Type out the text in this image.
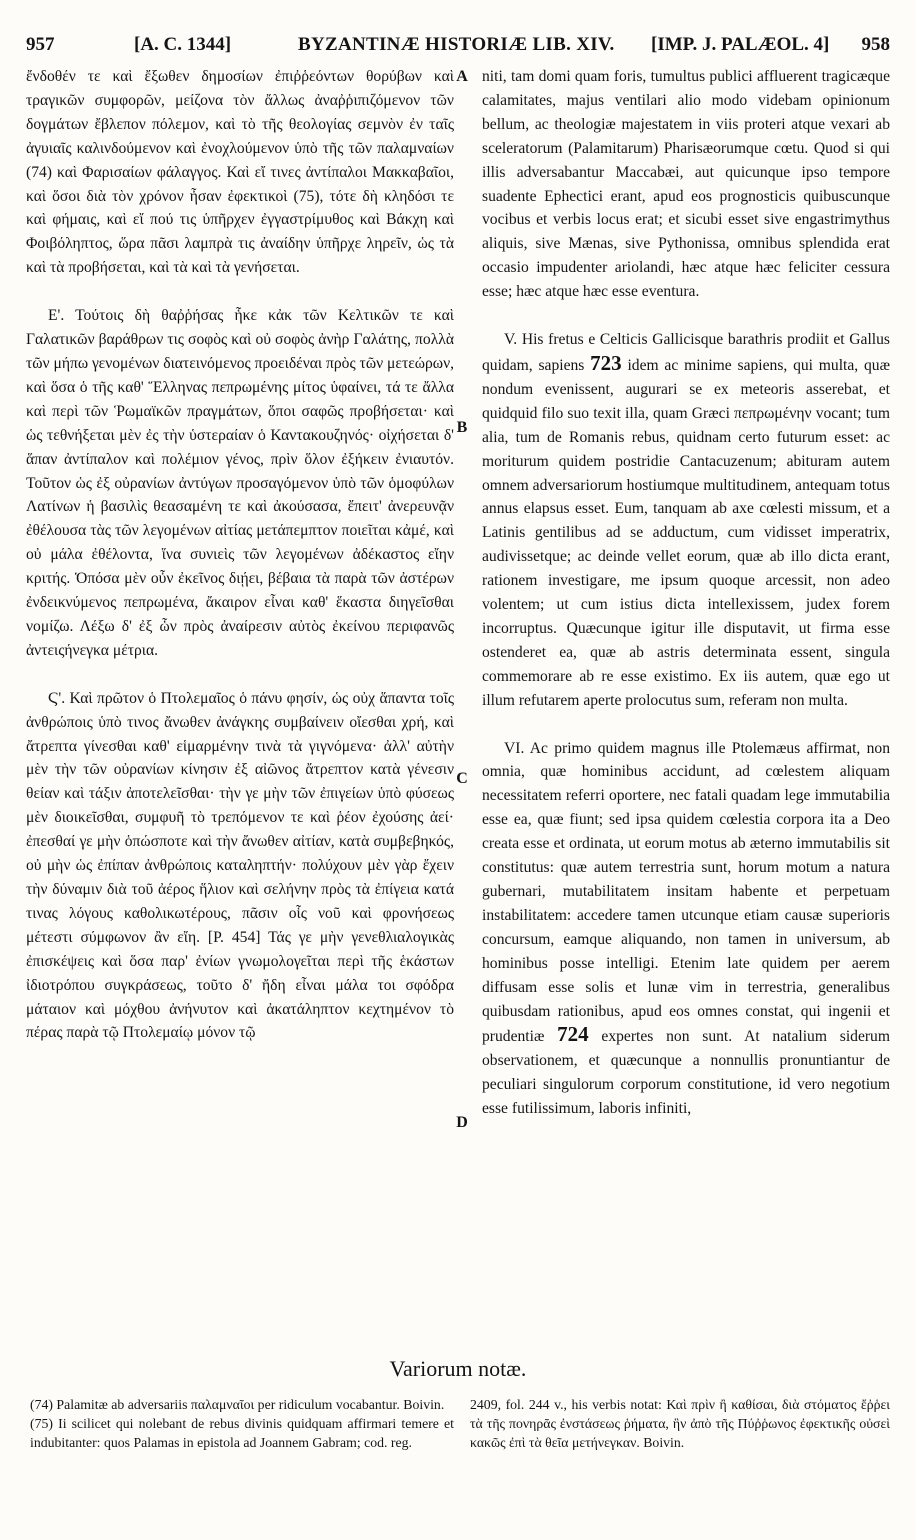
957	[A. C. 1344]	BYZANTINÆ HISTORIÆ LIB. XIV. [IMP. J. PALÆOL. 4] 958

ἔνδοθέν τε καὶ ἔξωθεν δημοσίων ἐπιῤῥεόντων θορύβων καὶ τραγικῶν συμφορῶν, μείζονα τὸν ἄλλως ἀναῤῥιπιζόμενον τῶν δογμάτων ἔβλεπον πόλεμον, καὶ τὸ τῆς θεολογίας σεμνὸν ἐν ταῖς ἀγυιαῖς καλινδούμενον καὶ ἐνοχλούμενον ὑπὸ τῆς τῶν παλαμναίων (74) καὶ Φαρισαίων φάλαγγος. Καὶ εἴ τινες ἀντίπαλοι Μακκαβαῖοι, καὶ ὅσοι διὰ τὸν χρόνον ἦσαν ἐφεκτικοὶ (75), τότε δὴ κληδόσι τε καὶ φήμαις, καὶ εἴ πού τις ὑπῆρχεν ἐγγαστρίμυθος καὶ Βάκχη καὶ Φοιβόληπτος, ὥρα πᾶσι λαμπρὰ τις ἀναίδην ὑπῆρχε ληρεῖν, ὡς τὰ καὶ τὰ προβήσεται, καὶ τὰ καὶ τὰ γενήσεται.

Ε'. Τούτοις δὴ θαῤῥήσας ἧκε κἀκ τῶν Κελτικῶν τε καὶ Γαλατικῶν βαράθρων τις σοφὸς καὶ οὐ σοφὸς ἀνὴρ Γαλάτης, πολλὰ τῶν μήπω γενομένων διατεινόμενος προειδέναι πρὸς τῶν μετεώρων, καὶ ὅσα ὁ τῆς καθ' Ἕλληνας πεπρωμένης μίτος ὑφαίνει, τά τε ἄλλα καὶ περὶ τῶν Ῥωμαϊκῶν πραγμάτων, ὅποι σαφῶς προβήσεται· καὶ ὡς τεθνήξεται μὲν ἐς τὴν ὑστεραίαν ὁ Καντακουζηνός· οἰχήσεται δ' ἅπαν ἀντίπαλον καὶ πολέμιον γένος, πρὶν ὅλον ἐξήκειν ἐνιαυτόν. Τοῦτον ὡς ἐξ οὐρανίων ἀντύγων προσαγόμενον ὑπὸ τῶν ὁμοφύλων Λατίνων ἡ βασιλὶς θεασαμένη τε καὶ ἀκούσασα, ἔπειτ' ἀνερευνᾷν ἐθέλουσα τὰς τῶν λεγομένων αἰτίας μετάπεμπτον ποιεῖται κἀμέ, καὶ οὐ μάλα ἐθέλοντα, ἵνα συνιεὶς τῶν λεγομένων ἀδέκαστος εἴην κριτής. Ὁπόσα μὲν οὖν ἐκεῖνος διῄει, βέβαια τὰ παρὰ τῶν ἀστέρων ἐνδεικνύμενος πεπρωμένα, ἄκαιρον εἶναι καθ' ἕκαστα διηγεῖσθαι νομίζω. Λέξω δ' ἐξ ὧν πρὸς ἀναίρεσιν αὐτὸς ἐκείνου περιφανῶς ἀντειςήνεγκα μέτρια.

Ϛ'. Καὶ πρῶτον ὁ Πτολεμαῖος ὁ πάνυ φησίν, ὡς οὐχ ἅπαντα τοῖς ἀνθρώποις ὑπὸ τινος ἄνωθεν ἀνάγκης συμβαίνειν οἴεσθαι χρή, καὶ ἄτρεπτα γίνεσθαι καθ' εἱμαρμένην τινὰ τὰ γιγνόμενα· ἀλλ' αὐτὴν μὲν τὴν τῶν οὐρανίων κίνησιν ἐξ αἰῶνος ἄτρεπτον κατὰ γένεσιν θείαν καὶ τάξιν ἀποτελεῖσθαι· τὴν γε μὴν τῶν ἐπιγείων ὑπὸ φύσεως μὲν διοικεῖσθαι, συμφυῆ τὸ τρεπόμενον τε καὶ ῥέον ἐχούσης ἀεί· ἐπεσθαί γε μὴν ὁπώσποτε καὶ τὴν ἄνωθεν αἰτίαν, κατὰ συμβεβηκός, οὐ μὴν ὡς ἐπίπαν ἀνθρώποις καταληπτήν· πολύχουν μὲν γὰρ ἔχειν τὴν δύναμιν διὰ τοῦ ἀέρος ἥλιον καὶ σελήνην πρὸς τὰ ἐπίγεια κατά τινας λόγους καθολικωτέρους, πᾶσιν οἷς νοῦ καὶ φρονήσεως μέτεστι σύμφωνον ἂν εἴη. [P. 454] Τάς γε μὴν γενεθλιαλογικὰς ἐπισκέψεις καὶ ὅσα παρ' ἐνίων γνωμολογεῖται περὶ τῆς ἑκάστων ἰδιοτρόπου συγκράσεως, τοῦτο δ' ἤδη εἶναι μάλα τοι σφόδρα μάταιον καὶ μόχθου ἀνήνυτον καὶ ἀκατάληπτον κεχτημένον τὸ πέρας παρὰ τῷ Πτολεμαίῳ μόνον τῷ

A
B
C
D

niti, tam domi quam foris, tumultus publici affluerent tragicæque calamitates, majus ventilari alio modo videbam opinionum bellum, ac theologiæ majestatem in viis proteri atque vexari ab sceleratorum (Palamitarum) Pharisæorumque cœtu. Quod si qui illis adversabantur Maccabæi, aut quicunque ipso tempore suadente Ephectici erant, apud eos prognosticis quibuscunque vocibus et verbis locus erat; et sicubi esset sive engastrimythus aliquis, sive Mænas, sive Pythonissa, omnibus splendida erat occasio impudenter ariolandi, hæc atque hæc feliciter cessura esse; hæc atque hæc esse eventura.

V. His fretus e Celticis Gallicisque barathris prodiit et Gallus quidam, sapiens 723 idem ac minime sapiens, qui multa, quæ nondum evenissent, augurari se ex meteoris asserebat, et quidquid filo suo texit illa, quam Græci πεπρωμένην vocant; tum alia, tum de Romanis rebus, quidnam certo futurum esset: ac moriturum quidem postridie Cantacuzenum; abituram autem omnem adversariorum hostiumque multitudinem, antequam totus annus elapsus esset. Eum, tanquam ab axe cœlesti missum, et a Latinis gentilibus ad se adductum, cum vidisset imperatrix, audivissetque; ac deinde vellet eorum, quæ ab illo dicta erant, rationem investigare, me ipsum quoque arcessit, non adeo volentem; ut cum istius dicta intellexissem, judex forem incorruptus. Quæcunque igitur ille disputavit, ut firma esse ostenderet ea, quæ ab astris determinata essent, singula commemorare ab re esse existimo. Ex iis autem, quæ ego ut illum refutarem aperte prolocutus sum, referam non multa.

VI. Ac primo quidem magnus ille Ptolemæus affirmat, non omnia, quæ hominibus accidunt, ad cœlestem aliquam necessitatem referri oportere, nec fatali quadam lege immutabilia esse ea, quæ fiunt; sed ipsa quidem cœlestia corpora ita a Deo creata esse et ordinata, ut eorum motus ab æterno immutabilis sit constitutus: quæ autem terrestria sunt, horum motum a natura gubernari, mutabilitatem insitam habente et perpetuam instabilitatem: accedere tamen utcunque etiam causæ superioris concursum, eamque aliquando, non tamen in universum, ab hominibus posse intelligi. Etenim late quidem per aerem diffusam esse solis et lunæ vim in terrestria, generalibus quibusdam rationibus, apud eos omnes constat, qui ingenii et prudentiæ 724 expertes non sunt. At natalium siderum observationem, et quæcunque a nonnullis pronuntiantur de peculiari singulorum corporum constitutione, id vero negotium esse futilissimum, laboris infiniti,

Variorum notæ.

(74) Palamitæ ab adversariis παλαμναῖοι per ridiculum vocabantur. Boivin.

(75) Ii scilicet qui nolebant de rebus divinis quidquam affirmari temere et indubitanter: quos Palamas in epistola ad Joannem Gabram; cod. reg.

2409, fol. 244 v., his verbis notat: Καὶ πρὶν ἢ καθίσαι, διὰ στόματος ἔῤῥει τὰ τῆς πονηρᾶς ἐνστάσεως ῥήματα, ἣν ἀπὸ τῆς Πύῤῥωνος ἐφεκτικῆς οὐσεὶ κακῶς ἐπὶ τὰ θεῖα μετήνεγκαν. Boivin.
